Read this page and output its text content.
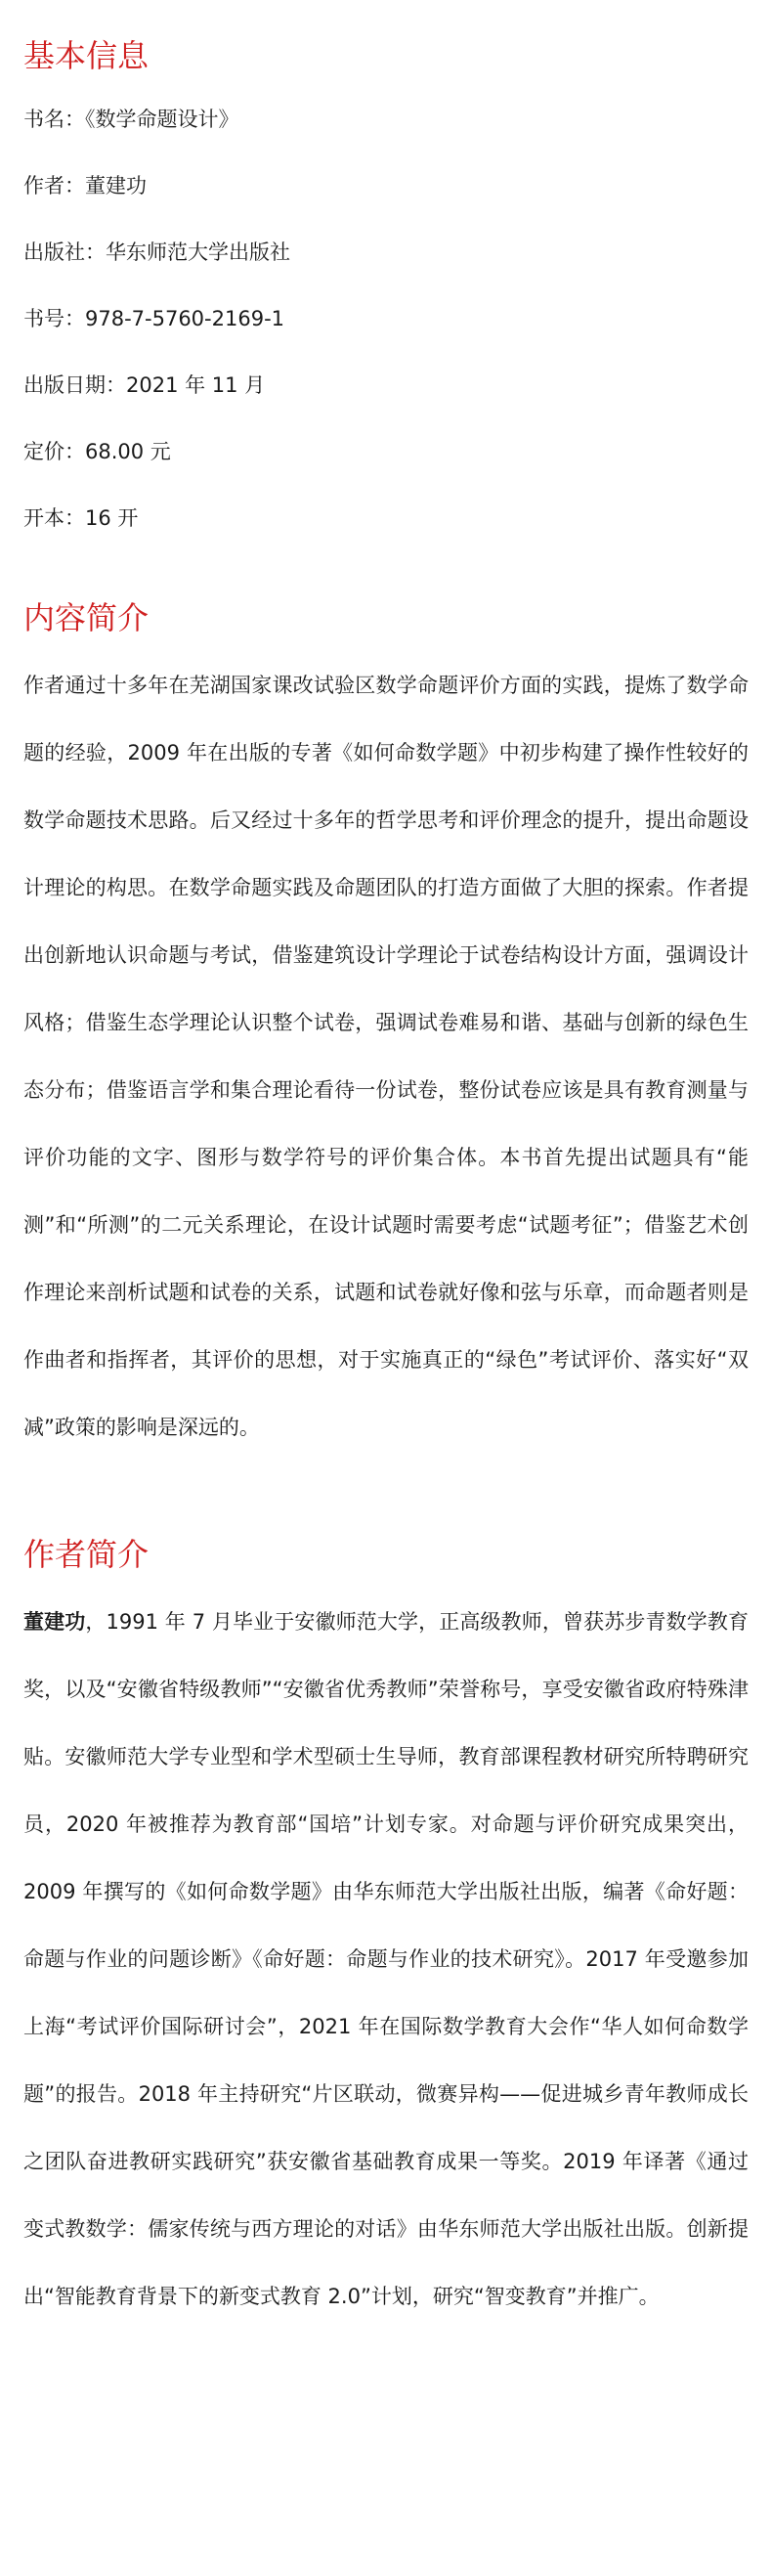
基本信息
书名：《数学命题设计》
作者：董建功
出版社：华东师范大学出版社
书号：978-7-5760-2169-1
出版日期：2021 年 11 月
定价：68.00 元
开本：16 开
内容简介

作者通过十多年在芜湖国家课改试验区数学命题评价方面的实践，提炼了数学命题的经验，2009 年在出版的专著《如何命数学题》中初步构建了操作性较好的数学命题技术思路。后又经过十多年的哲学思考和评价理念的提升，提出命题设计理论的构思。在数学命题实践及命题团队的打造方面做了大胆的探索。作者提出创新地认识命题与考试，借鉴建筑设计学理论于试卷结构设计方面，强调设计风格；借鉴生态学理论认识整个试卷，强调试卷难易和谐、基础与创新的绿色生态分布；借鉴语言学和集合理论看待一份试卷，整份试卷应该是具有教育测量与评价功能的文字、图形与数学符号的评价集合体。本书首先提出试题具有“能测”和“所测”的二元关系理论，在设计试题时需要考虑“试题考征”；借鉴艺术创作理论来剖析试题和试卷的关系，试题和试卷就好像和弦与乐章，而命题者则是作曲者和指挥者，其评价的思想，对于实施真正的“绿色”考试评价、落实好“双减”政策的影响是深远的。

作者简介

董建功，1991 年 7 月毕业于安徽师范大学，正高级教师，曾获苏步青数学教育奖，以及“安徽省特级教师”“安徽省优秀教师”荣誉称号，享受安徽省政府特殊津贴。安徽师范大学专业型和学术型硕士生导师，教育部课程教材研究所特聘研究员，2020 年被推荐为教育部“国培”计划专家。对命题与评价研究成果突出，2009 年撰写的《如何命数学题》由华东师范大学出版社出版，编著《命好题：命题与作业的问题诊断》《命好题：命题与作业的技术研究》。2017 年受邀参加上海“考试评价国际研讨会”，2021 年在国际数学教育大会作“华人如何命数学题”的报告。2018 年主持研究“片区联动，微赛异构——促进城乡青年教师成长之团队奋进教研实践研究”获安徽省基础教育成果一等奖。2019 年译著《通过变式教数学：儒家传统与西方理论的对话》由华东师范大学出版社出版。创新提出“智能教育背景下的新变式教育 2.0”计划，研究“智变教育”并推广。
